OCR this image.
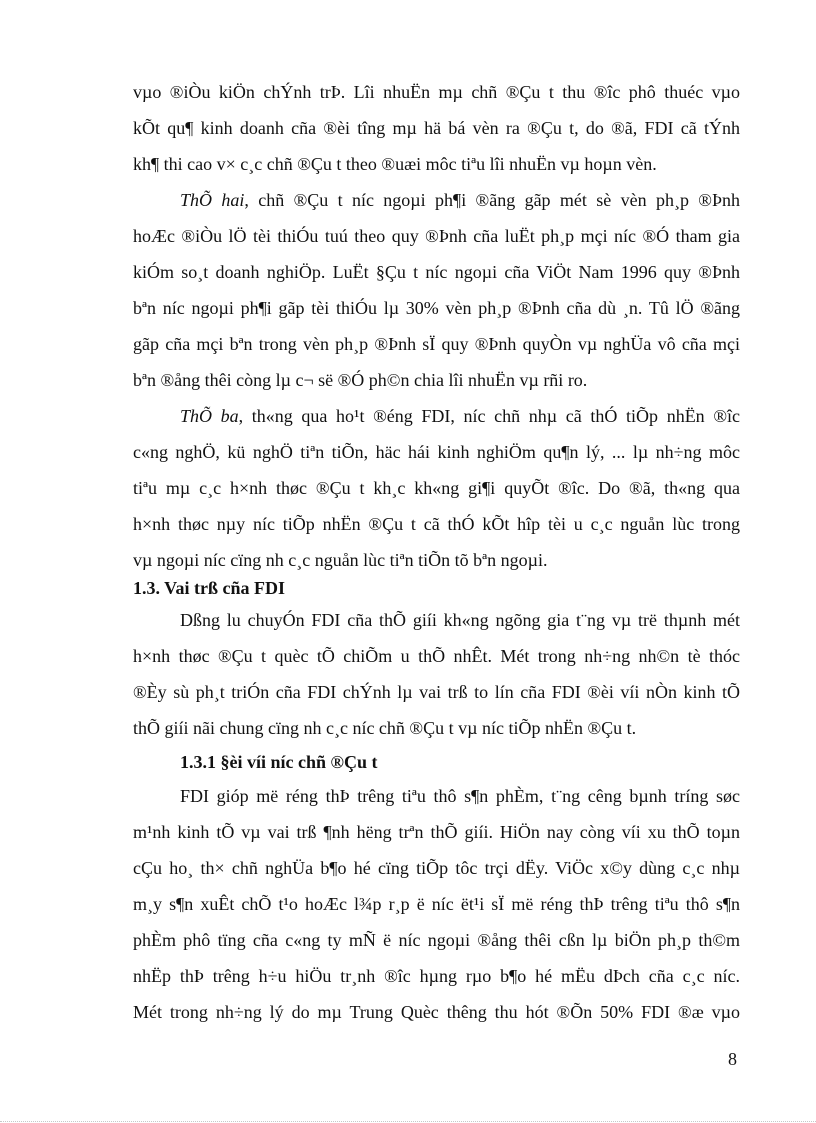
vµo ®iÒu kiÖn chÝnh trÞ. Lîi nhuËn mµ chñ ®Çu t thu ®îc phô thuéc vµo
kÕt qu¶ kinh doanh cña ®èi tîng mµ hä bá vèn ra ®Çu t, do ®ã, FDI cã tÝnh
kh¶ thi cao v× c¸c chñ ®Çu t theo ®uæi môc tiªu lîi nhuËn vµ hoµn vèn.
ThÕ hai, chñ ®Çu t níc ngoµi ph¶i ®ãng gãp mét sè vèn ph¸p ®Þnh
hoÆc ®iÒu lÖ tèi thiÓu tuú theo quy ®Þnh cña luËt ph¸p mçi níc ®Ó tham gia
kiÓm so¸t doanh nghiÖp. LuËt §Çu t níc ngoµi cña ViÖt Nam 1996 quy ®Þnh
bªn níc ngoµi ph¶i gãp tèi thiÓu lµ 30% vèn ph¸p ®Þnh cña dù ¸n. Tû lÖ ®ãng
gãp cña mçi bªn trong vèn ph¸p ®Þnh sÏ quy ®Þnh quyÒn vµ nghÜa vô cña mçi
bªn ®ång thêi còng lµ c¬ së ®Ó ph©n chia lîi nhuËn vµ rñi ro.
ThÕ ba, th«ng qua ho¹t ®éng FDI, níc chñ nhµ cã thÓ tiÕp nhËn ®îc
c«ng nghÖ, kü nghÖ tiªn tiÕn, häc hái kinh nghiÖm qu¶n lý, ... lµ nh÷ng môc
tiªu mµ c¸c h×nh thøc ®Çu t kh¸c kh«ng gi¶i quyÕt ®îc. Do ®ã, th«ng qua
h×nh thøc nµy níc tiÕp nhËn ®Çu t cã thÓ kÕt hîp tèi u c¸c nguån lùc trong
vµ ngoµi níc cïng nh c¸c nguån lùc tiªn tiÕn tõ bªn ngoµi.
1.3. Vai trß cña FDI
Dßng lu chuyÓn FDI cña thÕ giíi kh«ng ngõng gia t¨ng vµ trë thµnh mét
h×nh thøc ®Çu t quèc tÕ chiÕm u thÕ nhÊt. Mét trong nh÷ng nh©n tè thóc
®Èy sù ph¸t triÓn cña FDI chÝnh lµ vai trß to lín cña FDI ®èi víi nÒn kinh tÕ
thÕ giíi nãi chung cïng nh c¸c níc chñ ®Çu t vµ níc tiÕp nhËn ®Çu t.
1.3.1 §èi víi níc chñ ®Çu t
FDI gióp më réng thÞ trêng tiªu thô s¶n phÈm, t¨ng cêng bµnh tríng søc
m¹nh kinh tÕ vµ vai trß ¶nh hëng trªn thÕ giíi. HiÖn nay còng víi xu thÕ toµn
cÇu ho¸ th× chñ nghÜa b¶o hé cïng tiÕp tôc trçi dËy. ViÖc x©y dùng c¸c nhµ
m¸y s¶n xuÊt chÕ t¹o hoÆc l¾p r¸p ë níc ët¹i sÏ më réng thÞ trêng tiªu thô s¶n
phÈm phô tïng cña c«ng ty mÑ ë níc ngoµi ®ång thêi cßn lµ biÖn ph¸p th©m
nhËp thÞ trêng h÷u hiÖu tr¸nh ®îc hµng rµo b¶o hé mËu dÞch cña c¸c níc.
Mét trong nh÷ng lý do mµ Trung Quèc thêng thu hót ®Õn 50% FDI ®æ vµo
8
